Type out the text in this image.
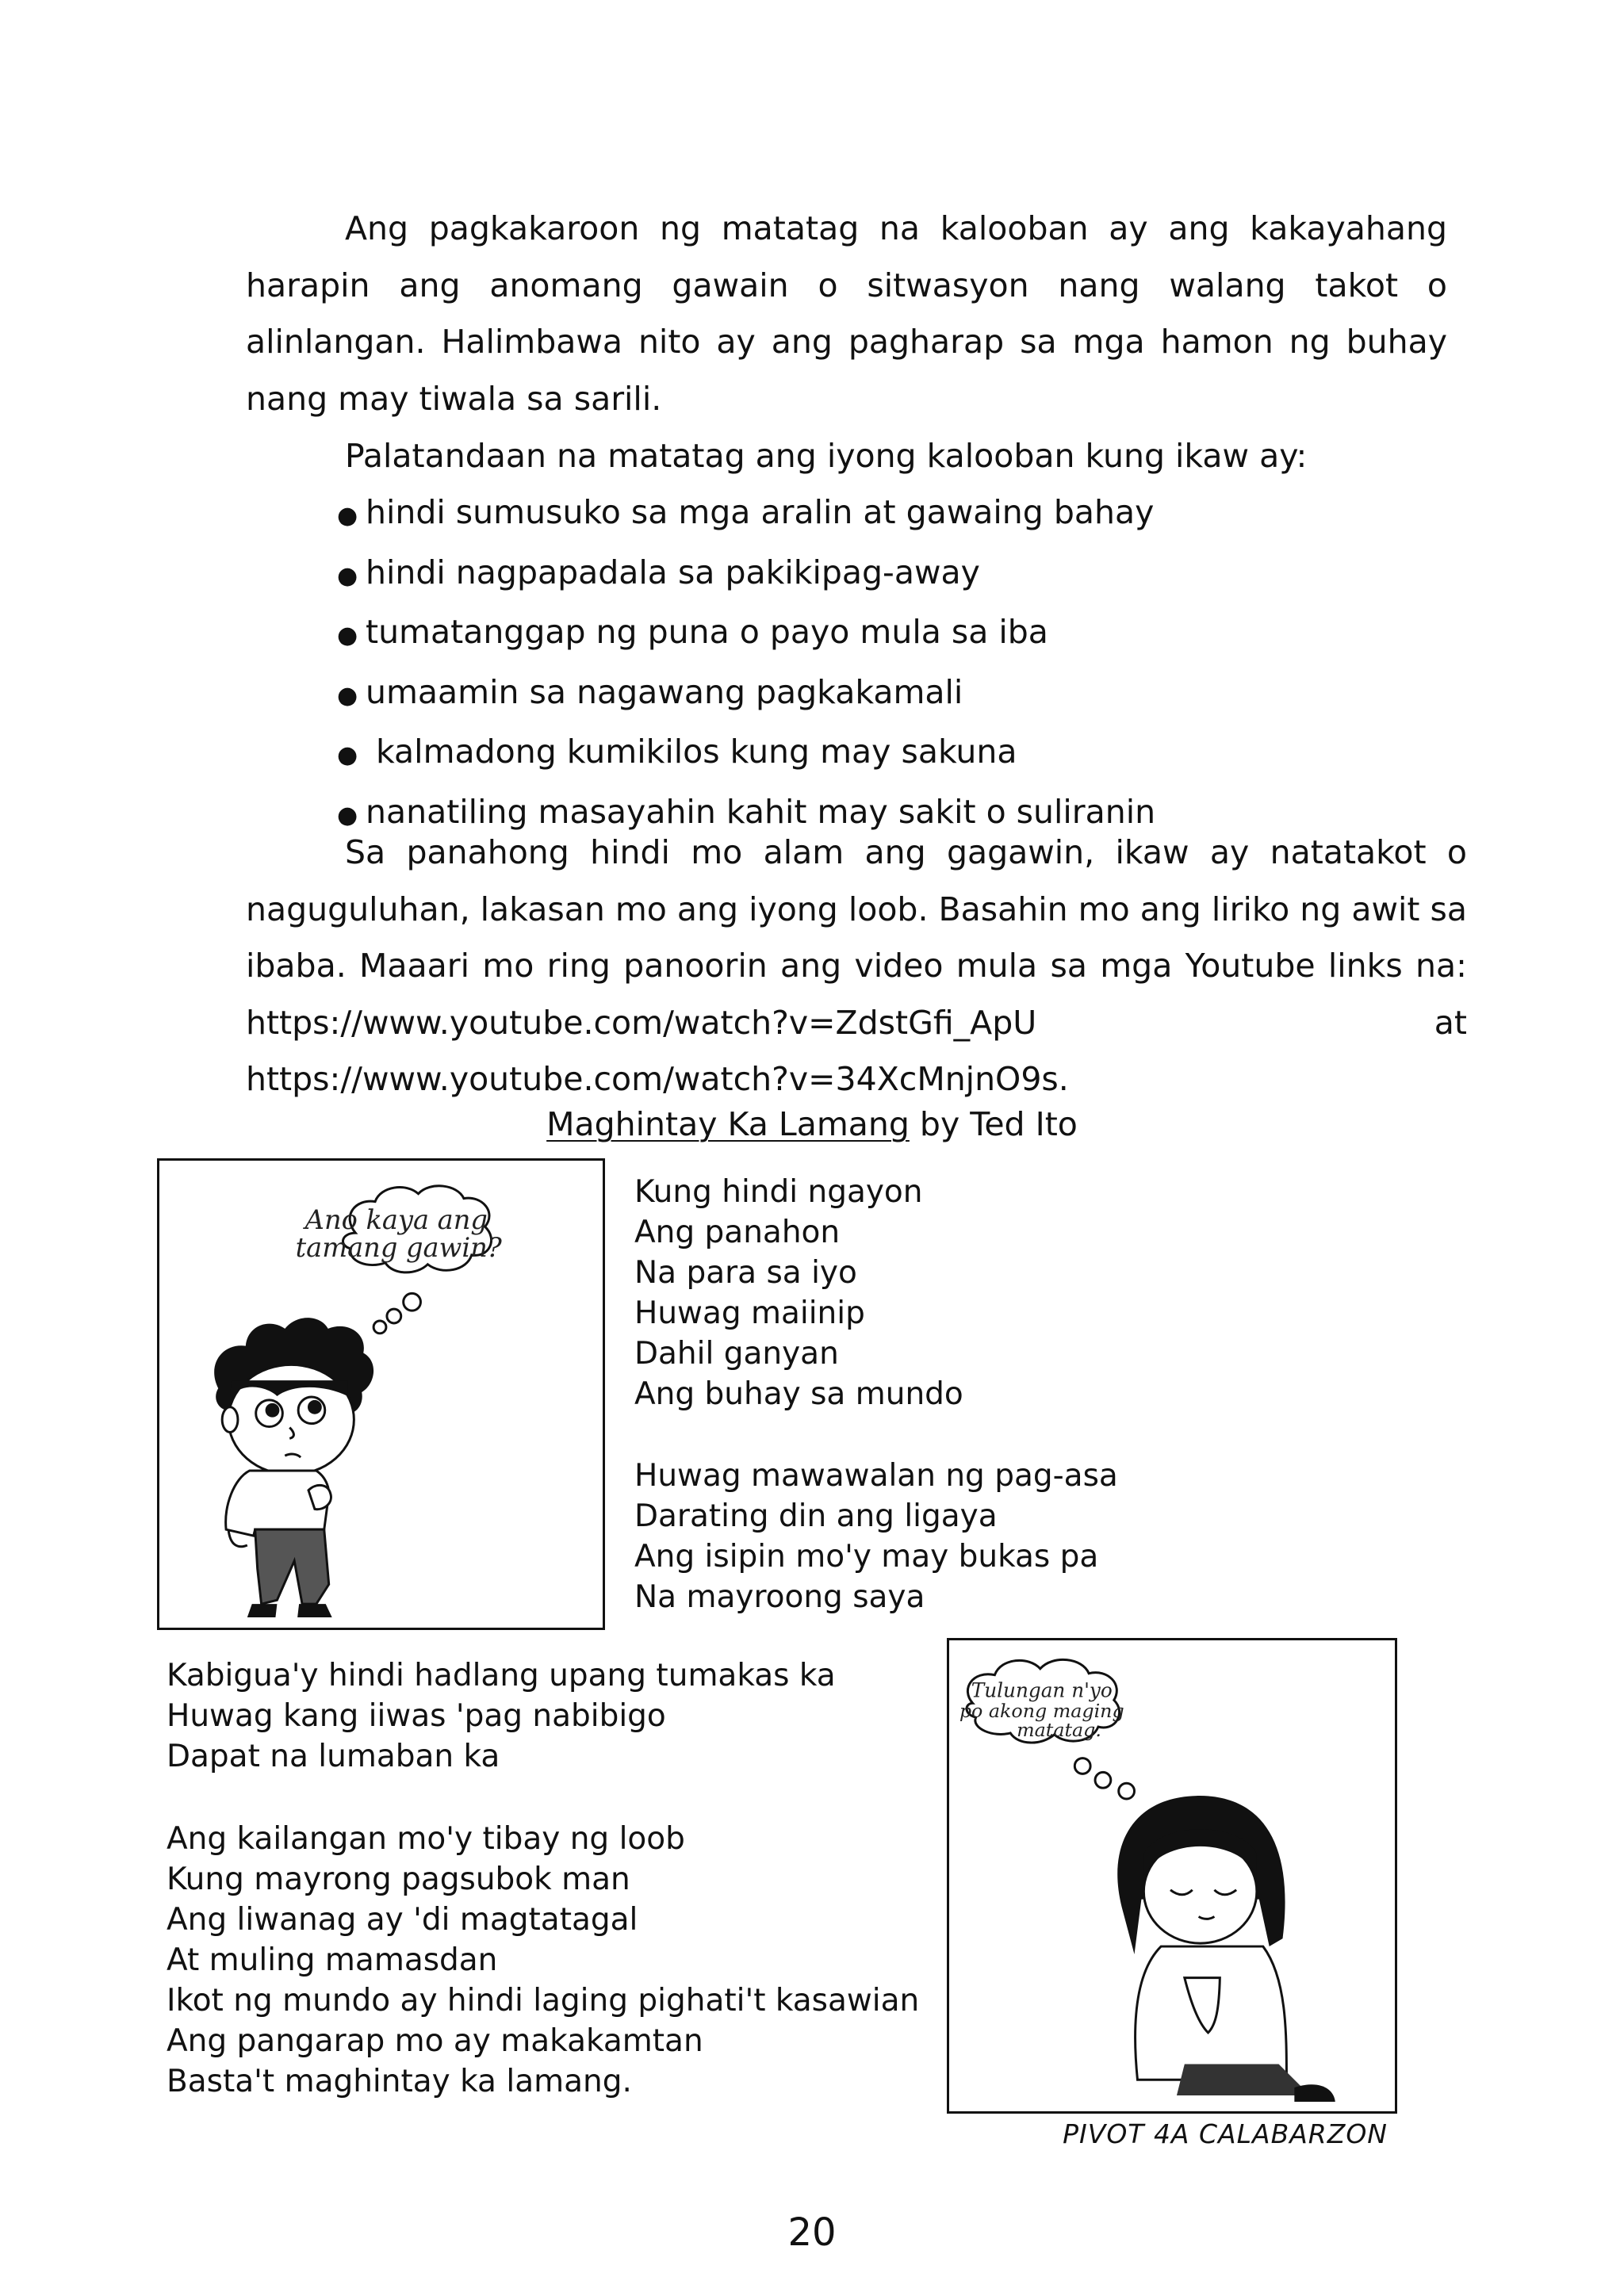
Ang pagkakaroon ng matatag na kalooban ay ang kakayahang harapin ang anomang gawain o sitwasyon nang walang takot o alinlangan. Halimbawa nito ay ang pagharap sa mga hamon ng buhay nang may tiwala sa sarili.

Palatandaan na matatag ang iyong kalooban kung ikaw ay:

● hindi sumusuko sa mga aralin at gawaing bahay
● hindi nagpapadala sa pakikipag-away
● tumatanggap ng puna o payo mula sa iba
● umaamin sa nagawang pagkakamali
● kalmadong kumikilos kung may sakuna
● nanatiling masayahin kahit may sakit o suliranin

Sa panahong hindi mo alam ang gagawin, ikaw ay natatakot o naguguluhan, lakasan mo ang iyong loob. Basahin mo ang liriko ng awit sa ibaba. Maaari mo ring panoorin ang video mula sa mga Youtube links na: https://www.youtube.com/watch?v=ZdstGfi_ApU at https://www.youtube.com/watch?v=34XcMnjnO9s.

Maghintay Ka Lamang by Ted Ito

Ano kaya ang
tamang gawin?
Kung hindi ngayon
Ang panahon
Na para sa iyo
Huwag maiinip
Dahil ganyan
Ang buhay sa mundo
Huwag mawawalan ng pag-asa
Darating din ang ligaya
Ang isipin mo'y may bukas pa
Na mayroong saya
Kabigua'y hindi hadlang upang tumakas ka
Huwag kang iiwas 'pag nabibigo
Dapat na lumaban ka
Ang kailangan mo'y tibay ng loob
Kung mayrong pagsubok man
Ang liwanag ay 'di magtatagal
At muling mamasdan
Ikot ng mundo ay hindi laging pighati't kasawian
Ang pangarap mo ay makakamtan
Basta't maghintay ka lamang.
Tulungan n'yo
po akong maging
matatag.

PIVOT 4A CALABARZON

20
